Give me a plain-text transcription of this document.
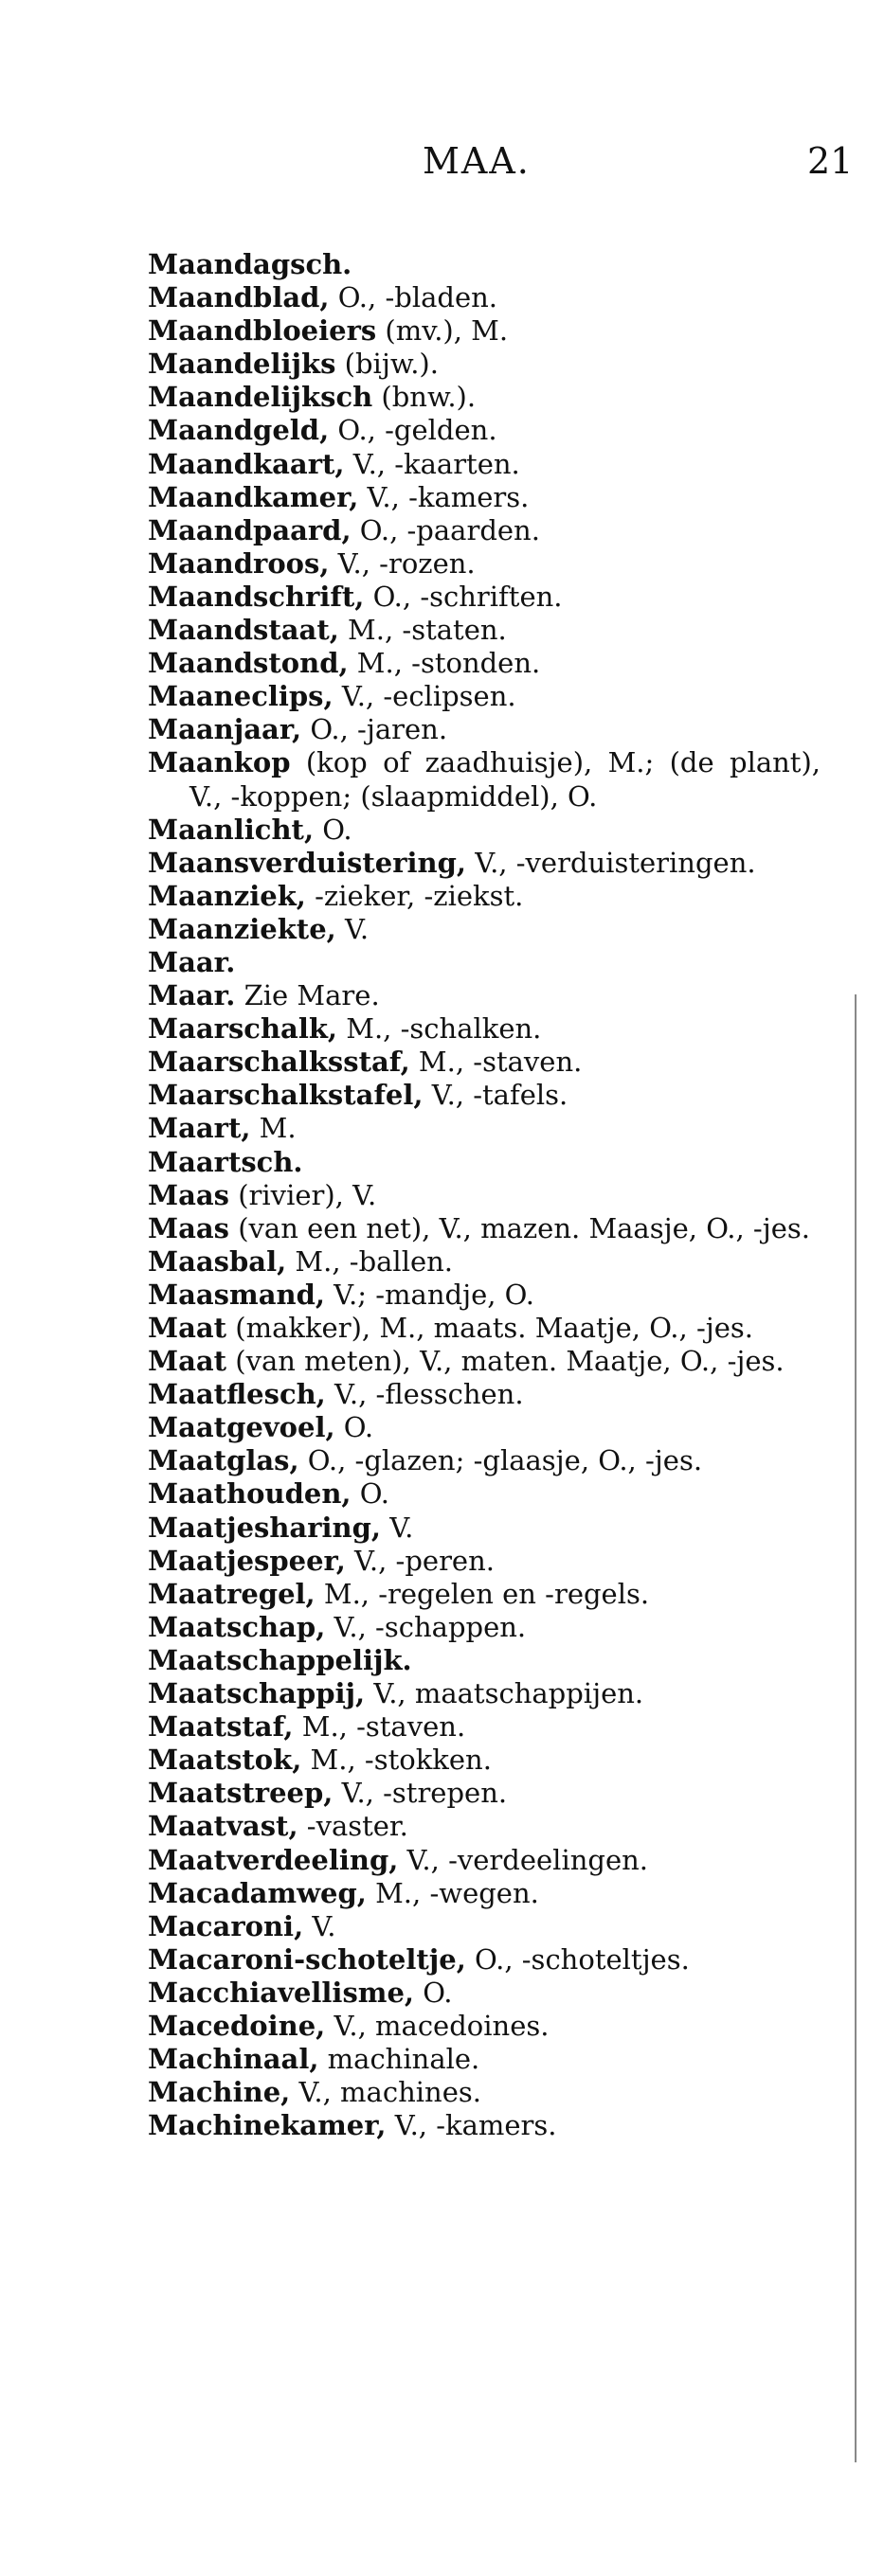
MAA.	21
Maandagsch.
Maandblad, O., -bladen.
Maandbloeiers (mv.), M.
Maandelijks (bijw.).
Maandelijksch (bnw.).
Maandgeld, O., -gelden.
Maandkaart, V., -kaarten.
Maandkamer, V., -kamers.
Maandpaard, O., -paarden.
Maandroos, V., -rozen.
Maandschrift, O., -schriften.
Maandstaat, M., -staten.
Maandstond, M., -stonden.
Maaneclips, V., -eclipsen.
Maanjaar, O., -jaren.
Maankop (kop of zaadhuisje), M.; (de plant), V., -koppen; (slaapmiddel), O.
Maanlicht, O.
Maansverduistering, V., -verduisteringen.
Maanziek, -zieker, -ziekst.
Maanziekte, V.
Maar.
Maar. Zie Mare.
Maarschalk, M., -schalken.
Maarschalksstaf, M., -staven.
Maarschalkstafel, V., -tafels.
Maart, M.
Maartsch.
Maas (rivier), V.
Maas (van een net), V., mazen. Maasje, O., -jes.
Maasbal, M., -ballen.
Maasmand, V.; -mandje, O.
Maat (makker), M., maats. Maatje, O., -jes.
Maat (van meten), V., maten. Maatje, O., -jes.
Maatflesch, V., -flesschen.
Maatgevoel, O.
Maatglas, O., -glazen; -glaasje, O., -jes.
Maathouden, O.
Maatjesharing, V.
Maatjespeer, V., -peren.
Maatregel, M., -regelen en -regels.
Maatschap, V., -schappen.
Maatschappelijk.
Maatschappij, V., maatschappijen.
Maatstaf, M., -staven.
Maatstok, M., -stokken.
Maatstreep, V., -strepen.
Maatvast, -vaster.
Maatverdeeling, V., -verdeelingen.
Macadamweg, M., -wegen.
Macaroni, V.
Macaroni-schoteltje, O., -schoteltjes.
Macchiavellisme, O.
Macedoine, V., macedoines.
Machinaal, machinale.
Machine, V., machines.
Machinekamer, V., -kamers.
